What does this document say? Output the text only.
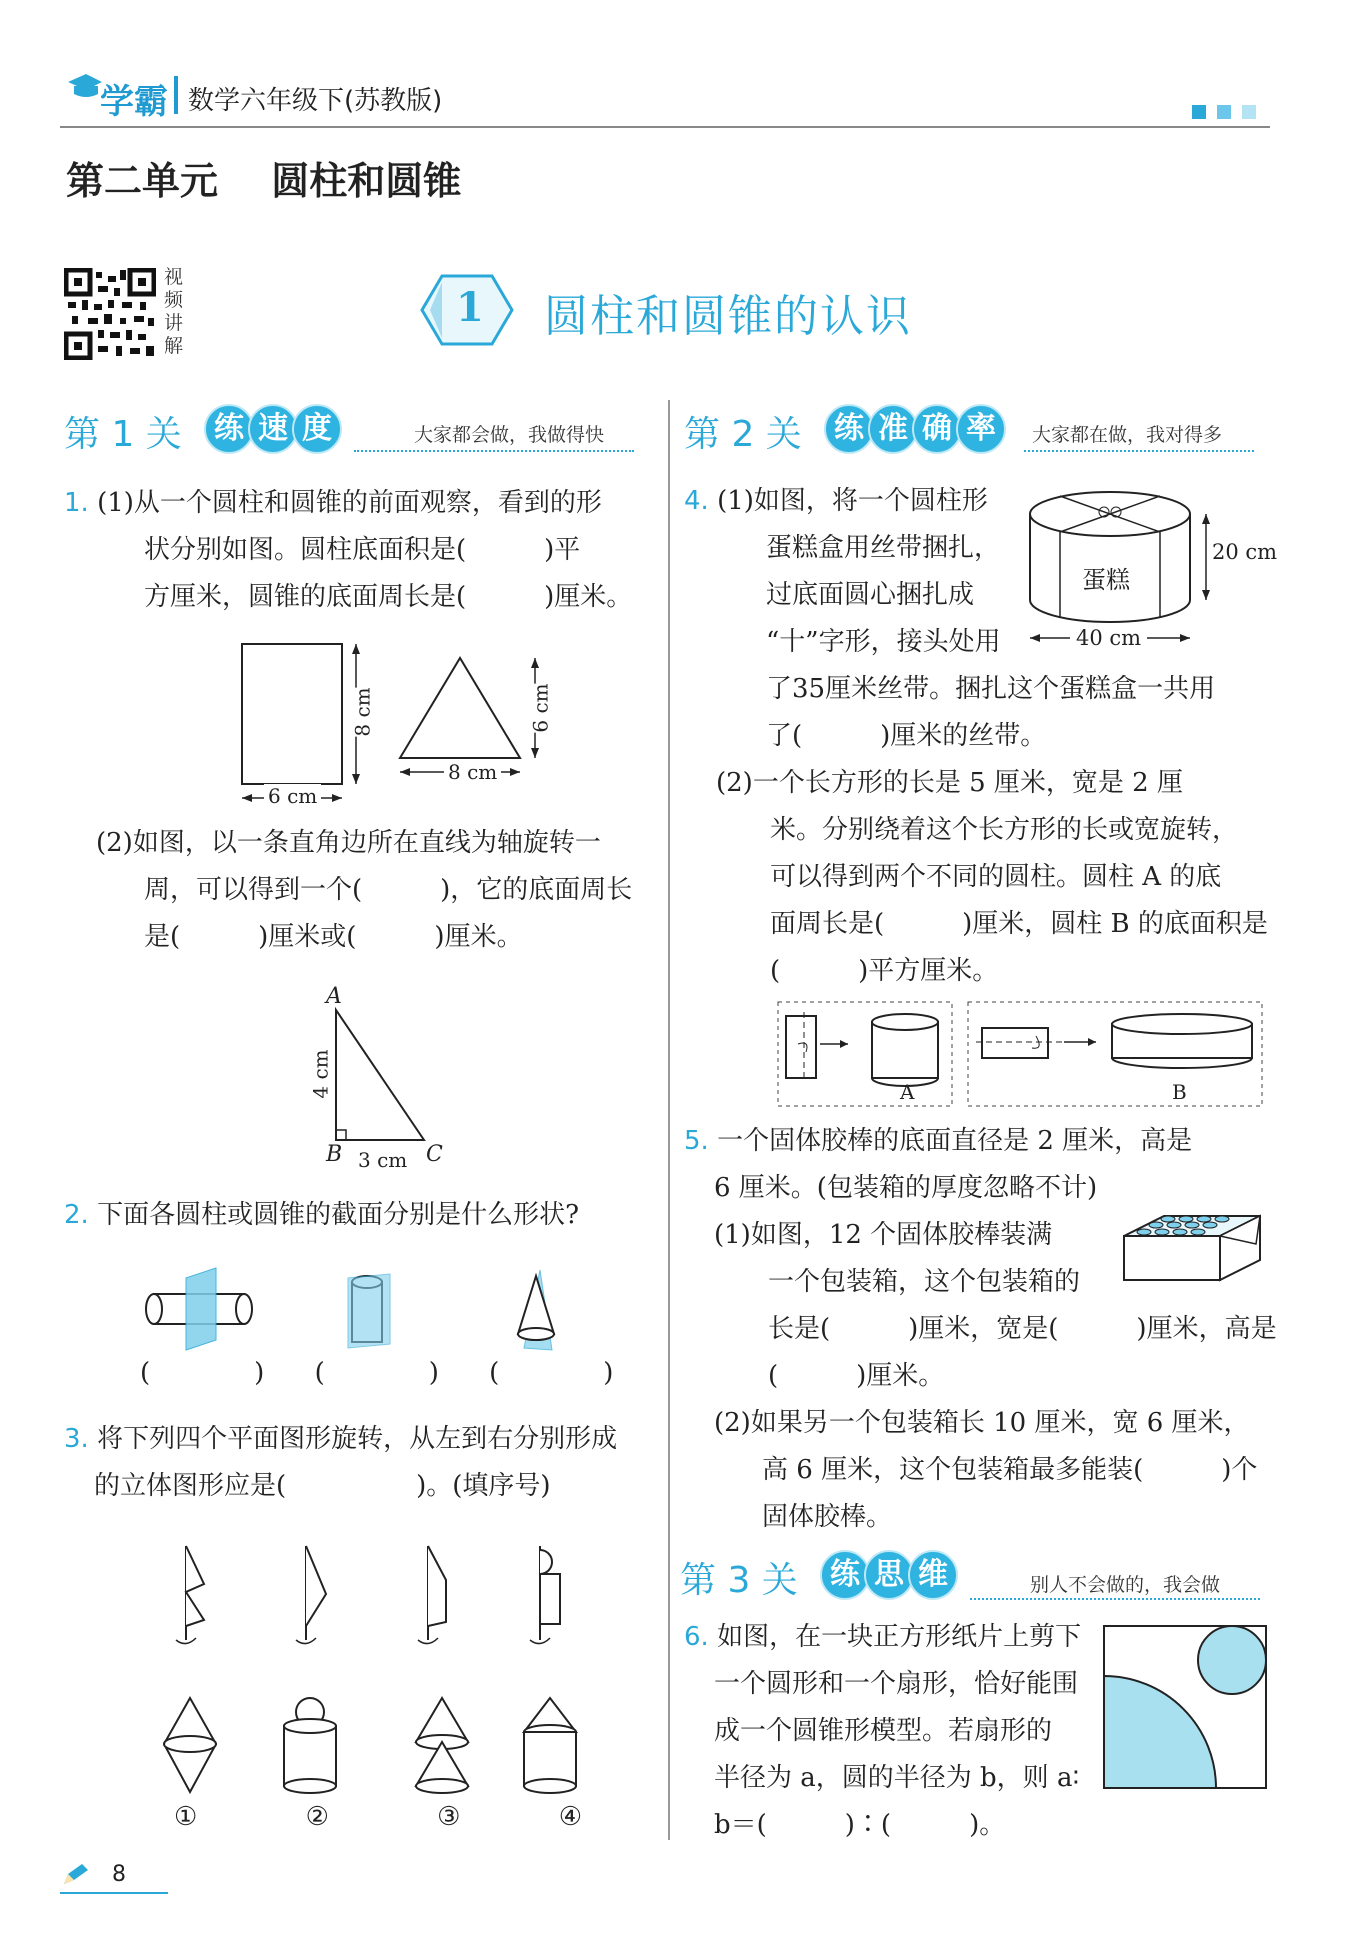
学霸 数学六年级下(苏教版)

第二单元 圆柱和圆锥
视
频
讲
解
1 圆柱和圆锥的认识
第 1 关	练 速 度	大家都会做，我做得快
1. (1)从一个圆柱和圆锥的前面观察，看到的形
状分别如图。圆柱底面积是(　　　)平
方厘米，圆锥的底面周长是(　　　)厘米。
8 cm
6 cm
6 cm
8 cm
(2)如图，以一条直角边所在直线为轴旋转一
周，可以得到一个(　　　)，它的底面周长
是(　　　)厘米或(　　　)厘米。
A
B	C
4 cm
3 cm
2. 下面各圆柱或圆锥的截面分别是什么形状?
(　　　　) (　　　　) (　　　　)
3. 将下列四个平面图形旋转，从左到右分别形成
的立体图形应是(　　　　　)。(填序号)
①	②	③	④
第 2 关	练 准 确 率 大家都在做，我对得多
4. (1)如图，将一个圆柱形
蛋糕盒用丝带捆扎，
过底面圆心捆扎成
“十”字形，接头处用
了35厘米丝带。捆扎这个蛋糕盒一共用
了(　　　)厘米的丝带。
蛋糕
20 cm
40 cm
(2)一个长方形的长是 5 厘米，宽是 2 厘
米。分别绕着这个长方形的长或宽旋转，
可以得到两个不同的圆柱。圆柱 A 的底
面周长是(　　　)厘米，圆柱 B 的底面积是
(　　　)平方厘米。
A	B
5. 一个固体胶棒的底面直径是 2 厘米，高是
6 厘米。(包装箱的厚度忽略不计)
(1)如图，12 个固体胶棒装满
一个包装箱，这个包装箱的
长是(　　　)厘米，宽是(　　　)厘米，高是
(　　　)厘米。
(2)如果另一个包装箱长 10 厘米，宽 6 厘米，
高 6 厘米，这个包装箱最多能装(　　　)个
固体胶棒。
第 3 关	练 思 维	别人不会做的，我会做
6. 如图，在一块正方形纸片上剪下
一个圆形和一个扇形，恰好能围
成一个圆锥形模型。若扇形的
半径为 a，圆的半径为 b，则 a∶
b＝(　　　)∶(　　　)。
8
